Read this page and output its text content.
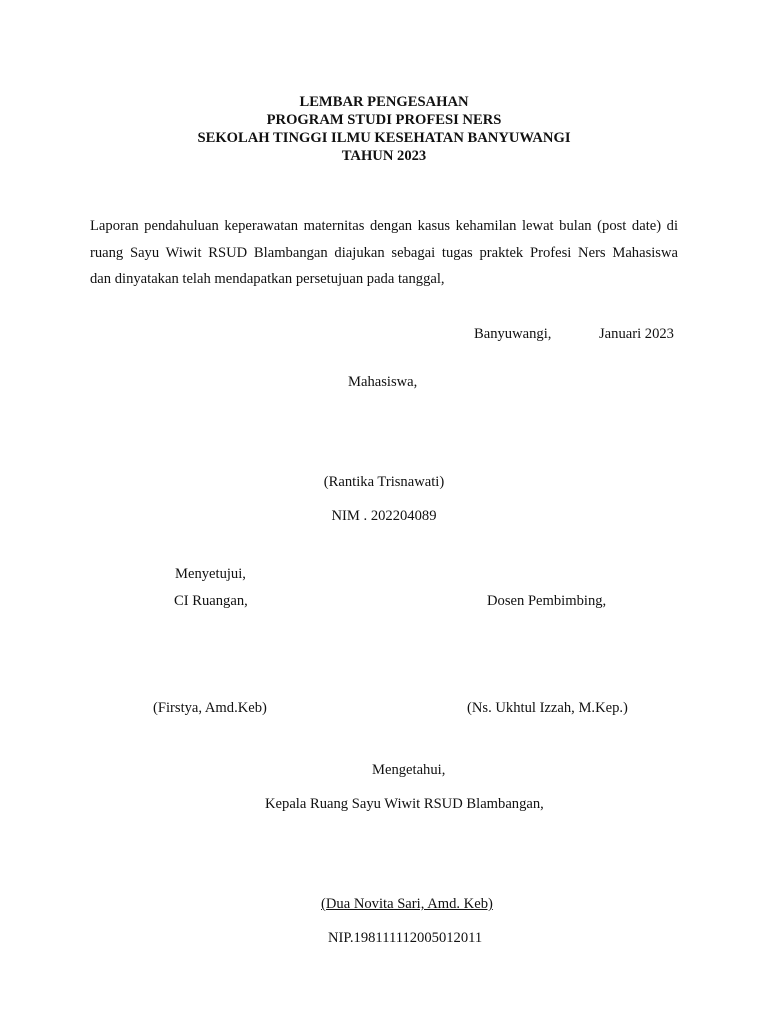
LEMBAR PENGESAHAN
PROGRAM STUDI PROFESI NERS
SEKOLAH TINGGI ILMU KESEHATAN BANYUWANGI
TAHUN 2023
Laporan pendahuluan keperawatan maternitas dengan kasus kehamilan lewat bulan (post date) di
ruang Sayu Wiwit RSUD Blambangan diajukan sebagai tugas praktek Profesi Ners Mahasiswa
dan dinyatakan telah mendapatkan persetujuan pada tanggal,
Banyuwangi,	Januari 2023
Mahasiswa,
(Rantika Trisnawati)
NIM . 202204089
Menyetujui,
CI Ruangan,	Dosen Pembimbing,
(Firstya, Amd.Keb)	(Ns. Ukhtul Izzah, M.Kep.)
Mengetahui,
Kepala Ruang Sayu Wiwit RSUD Blambangan,
(Dua Novita Sari, Amd. Keb)
NIP.198111112005012011
